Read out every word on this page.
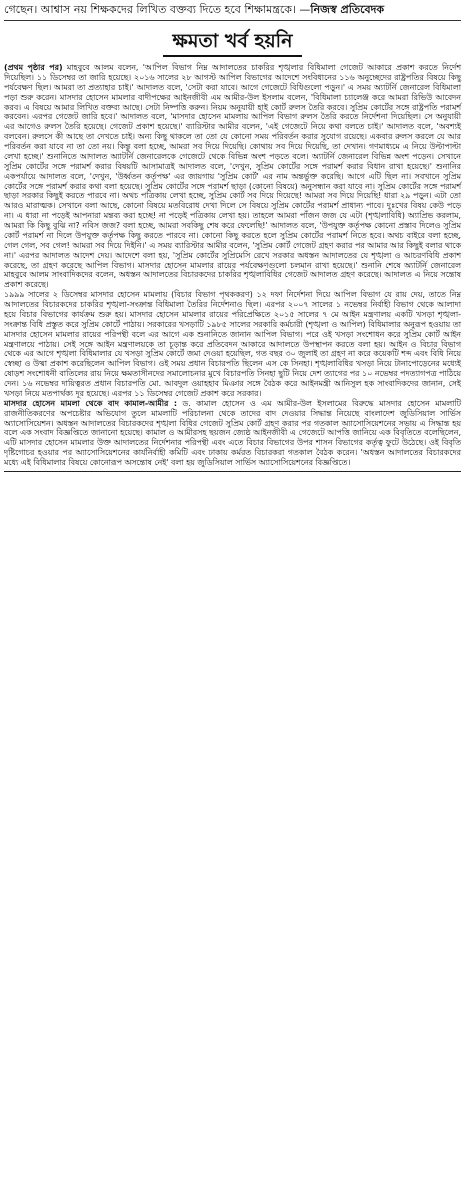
গেছেন। আশ্বাস নয় শিক্ষকদের লিখিত বক্তব্য দিতে হবে শিক্ষামন্ত্রকে। —নিজস্ব প্রতিবেদক
ক্ষমতা খর্ব হয়নি

(প্রথম পৃষ্ঠার পর) মাহবুবে আলম বলেন, 'আপিল বিভাগ নিম্ন আদালতের চাকরির শৃঙ্খলার বিধিমালা গেজেট আকারে প্রকাশ করতে নির্দেশ দিয়েছিল। ১১ ডিসেম্বর তা জারি হয়েছে। ২০১৬ সালের ২৮ আগস্ট আপিল বিভাগের আদেশে সংবিধানের ১১৬ অনুচ্ছেদের রাষ্ট্রপতির বিষয়ে কিছু পর্যবেক্ষণ ছিল। আমরা তা প্রত্যাহার চাই।' আদালত বলে, 'সেটা করা যাবে। আগে গেজেটে বিধিগুলো পড়ুন।' এ সময় অ্যাটর্নি জেনারেল বিধিমালা পড়া শুরু করেন। মাসদার হোসেন মামলার বাদীপক্ষের আইনজীবী এম আমীর-উল ইসলাম বলেন, 'বিধিমালা চ্যালেঞ্জ করে আমরা রিভিউ আবেদন করব। এ বিষয়ে আমার লিখিত বক্তব্য আছে। সেটা নিষ্পত্তি করুন। নিয়ম অনুযায়ী হাই কোর্ট রুলস তৈরি করবে। সুপ্রিম কোর্টের সঙ্গে রাষ্ট্রপতি পরামর্শ করবেন। এরপর গেজেট জারি হবে।' আদালত বলে, 'মাসদার হোসেন মামলায় আপিল বিভাগ রুলস তৈরি করতে নির্দেশনা দিয়েছিল। সে অনুযায়ী এর আগেও রুলস তৈরি হয়েছে। গেজেট প্রকাশ হয়েছে।' ব্যারিস্টার আমীর বলেন, 'এই গেজেটে নিয়ে কথা বলতে চাই।' আদালত বলে, 'অবশ্যই বলবেন। রুলসে কী আছে তা দেখতে চাই। অন্য কিছু থাকলে তা তো যে কোনো সময় পরিবর্তন করার সুযোগ রয়েছে। একবার রুলস করলে যে আর পরিবর্তন করা যাবে না তা তো নয়। কিন্তু বলা হচ্ছে, আমরা সব দিয়ে দিয়েছি। কোথায় সব দিয়ে দিয়েছি, তা দেখান। গণমাধ্যমে এ নিয়ে উল্টাপাল্টা লেখা হচ্ছে।' শুনানিতে আদালত অ্যাটর্নি জেনারেলকে গেজেটে থেকে বিভিন্ন অংশ পড়তে বলে। অ্যাটর্নি জেনারেল বিভিন্ন অংশ পড়েন। সেখানে সুপ্রিম কোর্টের সঙ্গে পরামর্শ করার বিষয়টি আসামাত্রই আদালত বলে, 'দেখুন, সুপ্রিম কোর্টের সঙ্গে পরামর্শ করার বিধান রাখা হয়েছে।' শুনানির একপর্যায়ে আদালত বলে, 'দেখুন, 'উর্ধ্বতন কর্তৃপক্ষ' এর জায়গায় 'সুপ্রিম কোর্ট' এর নাম অন্তর্ভুক্ত করেছি। আগে এটি ছিল না। সবখানে সুপ্রিম কোর্টের সঙ্গে পরামর্শ করার কথা বলা হয়েছে। সুপ্রিম কোর্টের সঙ্গে পরামর্শ ছাড়া (কোনো বিষয়ে) অনুসন্ধান করা যাবে না। সুপ্রিম কোর্টের সঙ্গে পরামর্শ ছাড়া সরকার কিছুই করতে পারবে না। অথচ পত্রিকায় লেখা হচ্ছে, সুপ্রিম কোর্ট সব দিয়ে দিয়েছে! আমরা সব দিয়ে দিয়েছি! ধারা ২৯ পড়ুন। এটা তো আরও মারাত্মক। সেখানে বলা আছে, কোনো বিষয়ে মতবিরোধ দেখা দিলে সে বিষয়ে সুপ্রিম কোর্টের পরামর্শ প্রাধান্য পাবে। দুঃখের বিষয় কেউ পড়ে না। এ ধারা না পড়েই আপনারা মন্তব্য করা হচ্ছে! না পড়েই পত্রিকায় লেখা হয়। তাহলে আমরা পাঁজন জজ যে এটা (শৃঙ্খলাবিধি) অ্যাপ্রিভ করলাম, আমরা কি কিছু বুঝি না? নবিস জজ? বলা হচ্ছে, আমরা সবকিছু শেষ করে ফেলেছি!' আদালত বলে, 'উপযুক্ত কর্তৃপক্ষ কোনো প্রস্তাব দিলেও সুপ্রিম কোর্ট পরামর্শ না দিলে উপযুক্ত কর্তৃপক্ষ কিছু করতে পারবে না। কোনো কিছু করতে হলে সুপ্রিম কোর্টের পরামর্শ নিতে হবে। অথচ বাইরে বলা হচ্ছে, গেল গেল, সব গেল! আমরা সব দিয়ে দিইনি।' এ সময় ব্যারিস্টার আমীর বলেন, 'সুপ্রিম কোর্ট গেজেট গ্রহণ করার পর আমার আর কিছুই বলার থাকে না।' এরপর আদালত আদেশ দেয়। আদেশে বলা হয়, 'সুপ্রিম কোর্টের সুপ্রিমেসি রেখে সরকার অধস্তন আদালতের যে শৃঙ্খলা ও আচরণবিধি প্রকাশ করেছে, তা গ্রহণ করেছে আপিল বিভাগ। মাসদার হোসেন মামলার রায়ের পর্যবেক্ষণগুলো চলমান রাখা হয়েছে।' শুনানি শেষে অ্যাটর্নি জেনারেল মাহবুবে আলম সাংবাদিকদের বলেন, অধস্তন আদালতের বিচারকদের চাকরির শৃঙ্খলাবিধির গেজেট আদালত গ্রহণ করেছে। আদালত এ নিয়ে সন্তোষ প্রকাশ করেছে।

১৯৯৯ সালের ২ ডিসেম্বর মাসদার হোসেন মামলায় (বিচার বিভাগ পৃথককরণ) ১২ দফা নির্দেশনা দিয়ে আপিল বিভাগ যে রায় দেয়, তাতে নিম্ন আদালতের বিচারকদের চাকরির শৃঙ্খলা-সংক্রান্ত বিধিমালা তৈরির নির্দেশনাও ছিল। এরপর ২০০৭ সালের ১ নভেম্বর নির্বাহী বিভাগ থেকে আলাদা হয়ে বিচার বিভাগের কার্যক্রম শুরু হয়। মাসদার হোসেন মামলার রায়ের পরিপ্রেক্ষিতে ২০১৫ সালের ৭ মে আইন মন্ত্রণালয় একটি খসড়া শৃঙ্খলা-সংক্রান্ত বিধি প্রস্তুত করে সুপ্রিম কোর্টে পাঠায়। সরকারের খসড়াটি ১৯৮৫ সালের সরকারি কর্মচারী (শৃঙ্খলা ও আপিল) বিধিমালার অনুরূপ হওয়ায় তা মাসদার হোসেন মামলার রায়ের পরিপন্থী বলে এর আগে এক শুনানিতে জানান আপিল বিভাগ। পরে ওই খসড়া সংশোধন করে সুপ্রিম কোর্ট আইন মন্ত্রণালয়ে পাঠায়। সেই সঙ্গে আইন মন্ত্রণালয়কে তা চূড়ান্ত করে প্রতিবেদন আকারে আদালতে উপস্থাপন করতে বলা হয়। আইন ও বিচার বিভাগ থেকে এর আগে শৃঙ্খলা বিধিমালার যে খসড়া সুপ্রিম কোর্টে জমা দেওয়া হয়েছিল, গত বছর ৩০ জুলাই তা গ্রহণ না করে কয়েকটি শব্দ এবং বিধি নিয়ে স্বেচ্ছা ও উষ্মা প্রকাশ করেছিলেন আপিল বিভাগ। ওই সময় প্রধান বিচারপতি ছিলেন এস কে সিনহা। শৃঙ্খলাবিধির খসড়া নিয়ে টানাপোড়েনের মধ্যেই ষোড়শ সংশোধনী বাতিলের রায় নিয়ে ক্ষমতাসীনদের সমালোচনার মুখে বিচারপতি সিনহা ছুটি নিয়ে দেশ ত্যাগের পর ১০ নভেম্বর পদত্যাগপত্র পাঠিয়ে দেন। ১৬ নভেম্বর দায়িত্বরত প্রধান বিচারপতি মো. আবদুল ওয়াহহাব মিঞার সঙ্গে বৈঠক করে আইনমন্ত্রী আনিসুল হক সাংবাদিকদের জানান, সেই খসড়া নিয়ে মতপার্থক্য দূর হয়েছে। এরপর ১১ ডিসেম্বর গেজেট প্রকাশ করে সরকার।

মাসদার হোসেন মামলা থেকে বাদ কামাল-আমীর : ড. কামাল হোসেন ও এম আমীর-উল ইসলামের বিরুদ্ধে মাসদার হোসেন মামলাটি রাজনীতিকরণের অপচেষ্টার অভিযোগ তুলে মামলাটি পরিচালনা থেকে তাদের বাদ দেওয়ার সিদ্ধান্ত নিয়েছে বাংলাদেশ জুডিসিয়াল সার্ভিস অ্যাসোসিয়েশন। অধস্তন আদালতের বিচারকদের শৃঙ্খলা বিধির গেজেট সুপ্রিম কোর্ট গ্রহণ করার পর গতকাল অ্যাসোসিয়েশনের সভায় এ সিদ্ধান্ত হয় বলে এক সংবাদ বিজ্ঞপ্তিতে জানানো হয়েছে। কামাল ও আমীরসহ ছয়জন জ্যেষ্ঠ আইনজীবী এ গেজেটে আপত্তি জানিয়ে এক বিবৃতিতে বলেছিলেন, এটি মাসদার হোসেন মামলার উক্ত আদালতের নির্দেশনার পরিপন্থী এবং এতে বিচার বিভাগের উপর শাসন বিভাগের কর্তৃত্ব ফুটে উঠেছে। ওই বিবৃতি দৃষ্টিগোচর হওয়ার পর অ্যাসোসিয়েশনের কার্যনির্বাহী কমিটি এবং ঢাকায় কর্মরত বিচারকরা গতকাল বৈঠক করেন। 'অধস্তন আদালতের বিচারকদের মধ্যে এই বিধিমালার বিষয়ে কোনোরূপ অসন্তোষ নেই' বলা হয় জুডিসিয়াল সার্ভিস অ্যাসোসিয়েশনের বিজ্ঞপ্তিতে।
